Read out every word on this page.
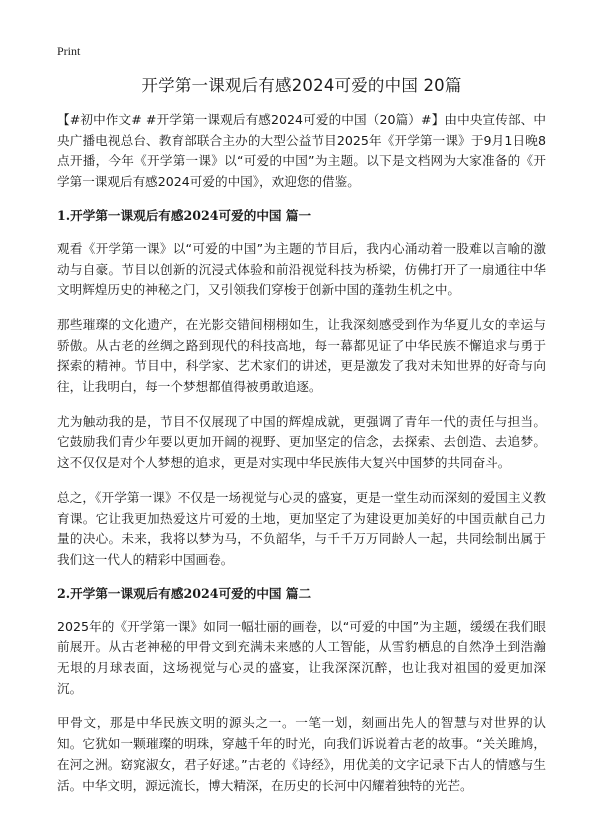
Print
开学第一课观后有感2024可爱的中国 20篇

【#初中作文# #开学第一课观后有感2024可爱的中国（20篇）#】由中央宣传部、中央广播电视总台、教育部联合主办的大型公益节目2025年《开学第一课》于9月1日晚8点开播，今年《开学第一课》以“可爱的中国”为主题。以下是文档网为大家准备的《开学第一课观后有感2024可爱的中国》，欢迎您的借鉴。

1.开学第一课观后有感2024可爱的中国 篇一

观看《开学第一课》以“可爱的中国”为主题的节目后，我内心涌动着一股难以言喻的激动与自豪。节目以创新的沉浸式体验和前沿视觉科技为桥梁，仿佛打开了一扇通往中华文明辉煌历史的神秘之门，又引领我们穿梭于创新中国的蓬勃生机之中。

那些璀璨的文化遗产，在光影交错间栩栩如生，让我深刻感受到作为华夏儿女的幸运与骄傲。从古老的丝绸之路到现代的科技高地，每一幕都见证了中华民族不懈追求与勇于探索的精神。节目中，科学家、艺术家们的讲述，更是激发了我对未知世界的好奇与向往，让我明白，每一个梦想都值得被勇敢追逐。

尤为触动我的是，节目不仅展现了中国的辉煌成就，更强调了青年一代的责任与担当。它鼓励我们青少年要以更加开阔的视野、更加坚定的信念，去探索、去创造、去追梦。这不仅仅是对个人梦想的追求，更是对实现中华民族伟大复兴中国梦的共同奋斗。

总之，《开学第一课》不仅是一场视觉与心灵的盛宴，更是一堂生动而深刻的爱国主义教育课。它让我更加热爱这片可爱的土地，更加坚定了为建设更加美好的中国贡献自己力量的决心。未来，我将以梦为马，不负韶华，与千千万万同龄人一起，共同绘制出属于我们这一代人的精彩中国画卷。

2.开学第一课观后有感2024可爱的中国 篇二

2025年的《开学第一课》如同一幅壮丽的画卷，以“可爱的中国”为主题，缓缓在我们眼前展开。从古老神秘的甲骨文到充满未来感的人工智能，从雪豹栖息的自然净土到浩瀚无垠的月球表面，这场视觉与心灵的盛宴，让我深深沉醉，也让我对祖国的爱更加深沉。

甲骨文，那是中华民族文明的源头之一。一笔一划，刻画出先人的智慧与对世界的认知。它犹如一颗璀璨的明珠，穿越千年的时光，向我们诉说着古老的故事。“关关雎鸠，在河之洲。窈窕淑女，君子好逑。”古老的《诗经》，用优美的文字记录下古人的情感与生活。中华文明，源远流长，博大精深，在历史的长河中闪耀着独特的光芒。
